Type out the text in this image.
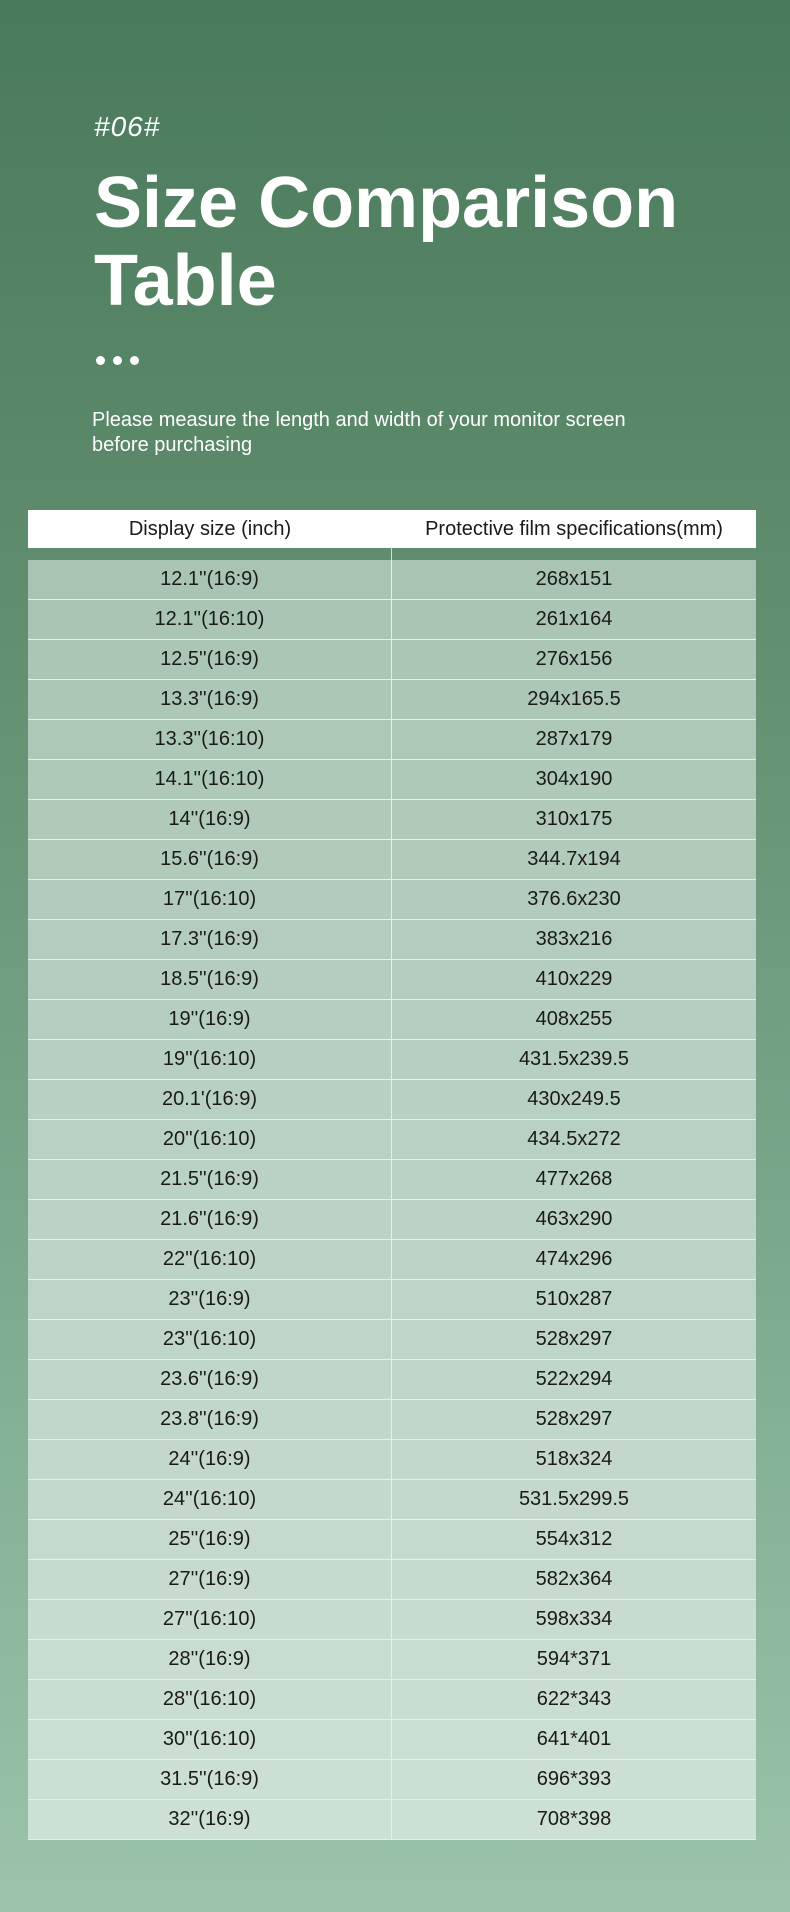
#06#
Size Comparison Table
Please measure the length and width of your monitor screen before purchasing
Display size (inch)	Protective film specifications(mm)
12.1''(16:9)	268x151
12.1''(16:10)	261x164
12.5''(16:9)	276x156
13.3''(16:9)	294x165.5
13.3''(16:10)	287x179
14.1''(16:10)	304x190
14''(16:9)	310x175
15.6''(16:9)	344.7x194
17''(16:10)	376.6x230
17.3''(16:9)	383x216
18.5''(16:9)	410x229
19''(16:9)	408x255
19''(16:10)	431.5x239.5
20.1'(16:9)	430x249.5
20''(16:10)	434.5x272
21.5''(16:9)	477x268
21.6''(16:9)	463x290
22''(16:10)	474x296
23''(16:9)	510x287
23''(16:10)	528x297
23.6''(16:9)	522x294
23.8''(16:9)	528x297
24''(16:9)	518x324
24''(16:10)	531.5x299.5
25''(16:9)	554x312
27''(16:9)	582x364
27''(16:10)	598x334
28''(16:9)	594*371
28''(16:10)	622*343
30''(16:10)	641*401
31.5''(16:9)	696*393
32''(16:9)	708*398
